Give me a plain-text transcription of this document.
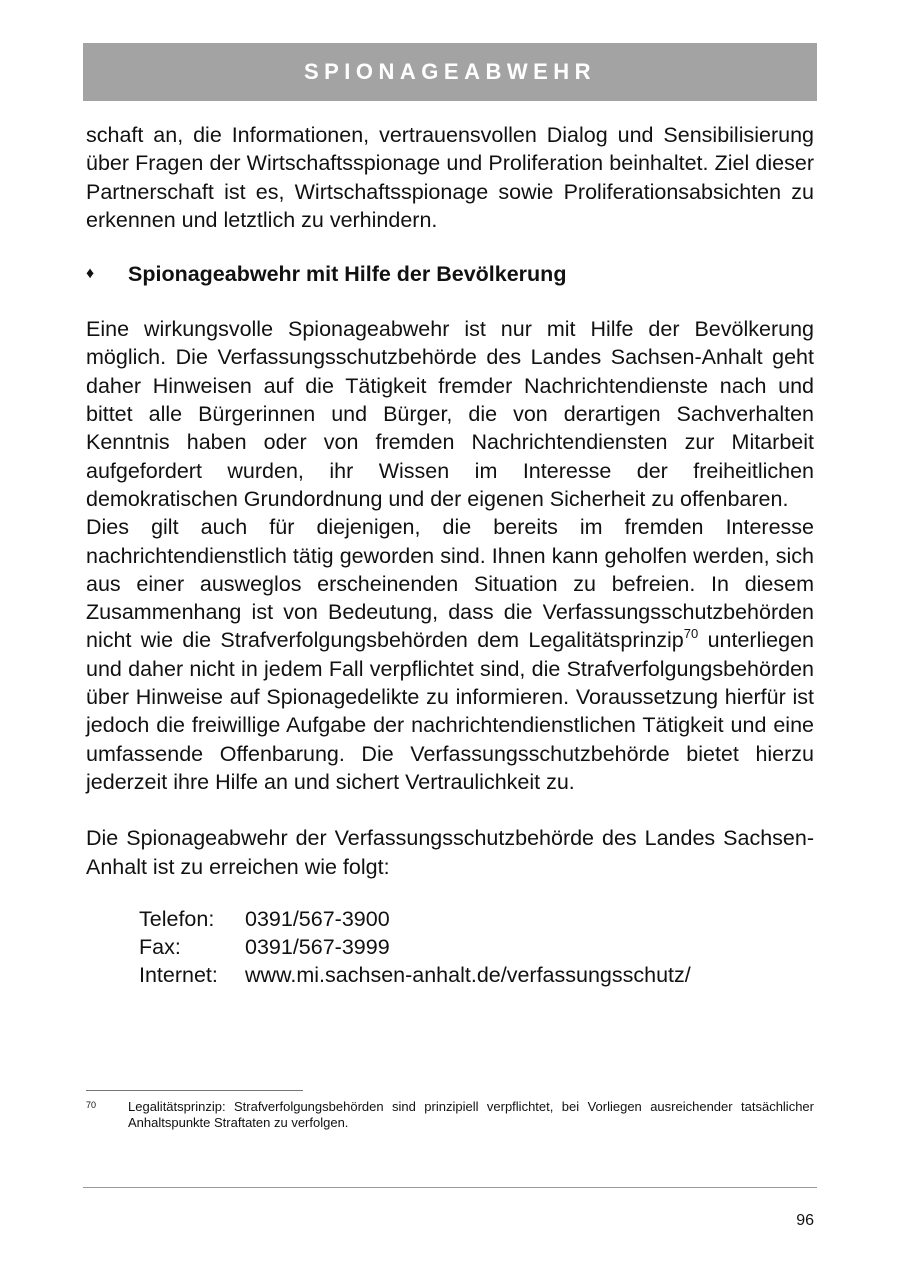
SPIONAGEABWEHR

schaft an, die Informationen, vertrauensvollen Dialog und Sensibilisierung über Fragen der Wirtschaftsspionage und Proliferation beinhaltet. Ziel dieser Partnerschaft ist es, Wirtschaftsspionage sowie Proliferationsabsichten zu erkennen und letztlich zu verhindern.

♦	Spionageabwehr mit Hilfe der Bevölkerung

Eine wirkungsvolle Spionageabwehr ist nur mit Hilfe der Bevölkerung möglich. Die Verfassungsschutzbehörde des Landes Sachsen-Anhalt geht daher Hinweisen auf die Tätigkeit fremder Nachrichtendienste nach und bittet alle Bürgerinnen und Bürger, die von derartigen Sachverhalten Kenntnis haben oder von fremden Nachrichtendiensten zur Mitarbeit aufgefordert wurden, ihr Wissen im Interesse der freiheitlichen demokratischen Grundordnung und der eigenen Sicherheit zu offenbaren.

Dies gilt auch für diejenigen, die bereits im fremden Interesse nachrichtendienstlich tätig geworden sind. Ihnen kann geholfen werden, sich aus einer ausweglos erscheinenden Situation zu befreien. In diesem Zusammenhang ist von Bedeutung, dass die Verfassungsschutzbehörden nicht wie die Strafverfolgungsbehörden dem Legalitätsprinzip$^{70}$ unterliegen und daher nicht in jedem Fall verpflichtet sind, die Strafverfolgungsbehörden über Hinweise auf Spionagedelikte zu informieren. Voraussetzung hierfür ist jedoch die freiwillige Aufgabe der nachrichtendienstlichen Tätigkeit und eine umfassende Offenbarung. Die Verfassungsschutzbehörde bietet hierzu jederzeit ihre Hilfe an und sichert Vertraulichkeit zu.

Die Spionageabwehr der Verfassungsschutzbehörde des Landes Sachsen-Anhalt ist zu erreichen wie folgt:

Telefon:	0391/567-3900
Fax:	0391/567-3999
Internet:	www.mi.sachsen-anhalt.de/verfassungsschutz/
70	Legalitätsprinzip: Strafverfolgungsbehörden sind prinzipiell verpflichtet, bei Vorliegen ausreichender tatsächlicher Anhaltspunkte Straftaten zu verfolgen.
96
